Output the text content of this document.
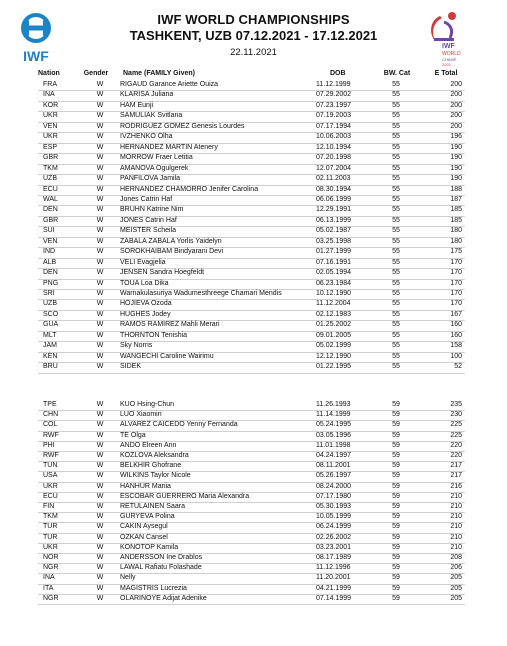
IWF
IWF
WORLD
CHAMP
2021
IWF WORLD CHAMPIONSHIPS
TASHKENT, UZB 07.12.2021 - 17.12.2021
22.11.2021
Nation	Gender	Name (FAMILY Given)	DOB	BW. Cat	E Total
FRA	W	RIGAUD Garance Ariette Ouiza	11.12.1999	55	200
INA	W	KLARISA Juliana	07.29.2002	55	200
KOR	W	HAM Eunji	07.23.1997	55	200
UKR	W	SAMULIAK Svitlana	07.19.2003	55	200
VEN	W	RODRIGUEZ GOMEZ Genesis Lourdes	07.17.1994	55	200
UKR	W	IVZHENKO Olha	10.06.2003	55	196
ESP	W	HERNANDEZ MARTIN Atenery	12.10.1994	55	190
GBR	W	MORROW Fraer Letitia	07.20.1998	55	190
TKM	W	AMANOVA Ogulgerek	12.07.2004	55	190
UZB	W	PANFILOVA Jamila	02.11.2003	55	190
ECU	W	HERNANDEZ CHAMORRO Jenifer Carolina	08.30.1994	55	188
WAL	W	Jones Catrin Haf	06.06.1999	55	187
DEN	W	BRUHN Katrine Nim	12.29.1991	55	185
GBR	W	JONES Catrin Haf	06.13.1999	55	185
SUI	W	MEISTER Scheila	05.02.1987	55	180
VEN	W	ZABALA ZABALA Yorlis Yaidelyn	03.25.1998	55	180
IND	W	SOROKHAIBAM Bindyarani Devi	01.27.1999	55	175
ALB	W	VELI Evagjelia	07.16.1991	55	170
DEN	W	JENSEN Sandra Hoegfeldt	02.05.1994	55	170
PNG	W	TOUA Loa Dika	06.23.1984	55	170
SRI	W	Warnakulasuriya Wadumesthreege Chamari Mendis	10.12.1990	55	170
UZB	W	HOJIEVA Ozoda	11.12.2004	55	170
SCO	W	HUGHES Jodey	02.12.1983	55	167
GUA	W	RAMOS RAMIREZ Mahli Merari	01.25.2002	55	160
MLT	W	THORNTON Tenishia	09.01.2005	55	160
JAM	W	Sky Norris	05.02.1999	55	158
KEN	W	WANGECHI Caroline Wairimu	12.12.1990	55	100
BRU	W	SIDEK	01.22.1995	55	52
TPE	W	KUO Hsing-Chun	11.26.1993	59	235
CHN	W	LUO Xiaomin	11.14.1999	59	230
COL	W	ALVAREZ CAICEDO Yenny Fernanda	05.24.1995	59	225
RWF	W	TE Olga	03.05.1996	59	225
PHI	W	ANDO Elreen Ann	11.01.1998	59	220
RWF	W	KOZLOVA Aleksandra	04.24.1997	59	220
TUN	W	BELKHIR Ghofrane	08.11.2001	59	217
USA	W	WILKINS Taylor Nicole	05.26.1997	59	217
UKR	W	HANHUR Mariia	08.24.2000	59	216
ECU	W	ESCOBAR GUERRERO Maria Alexandra	07.17.1980	59	210
FIN	W	RETULAINEN Saara	05.30.1993	59	210
TKM	W	GURYEVA Polina	10.05.1999	59	210
TUR	W	CAKIN Aysegul	06.24.1999	59	210
TUR	W	OZKAN Cansel	02.26.2002	59	210
UKR	W	KONOTOP Kamila	03.23.2001	59	210
NOR	W	ANDERSSON Ine Drablos	08.17.1989	59	208
NGR	W	LAWAL Rafiatu Folashade	11.12.1996	59	206
INA	W	Nelly	11.20.2001	59	205
ITA	W	MAGISTRIS Lucrezia	04.21.1999	59	205
NGR	W	OLARINOYE Adijat Adenike	07.14.1999	59	205
